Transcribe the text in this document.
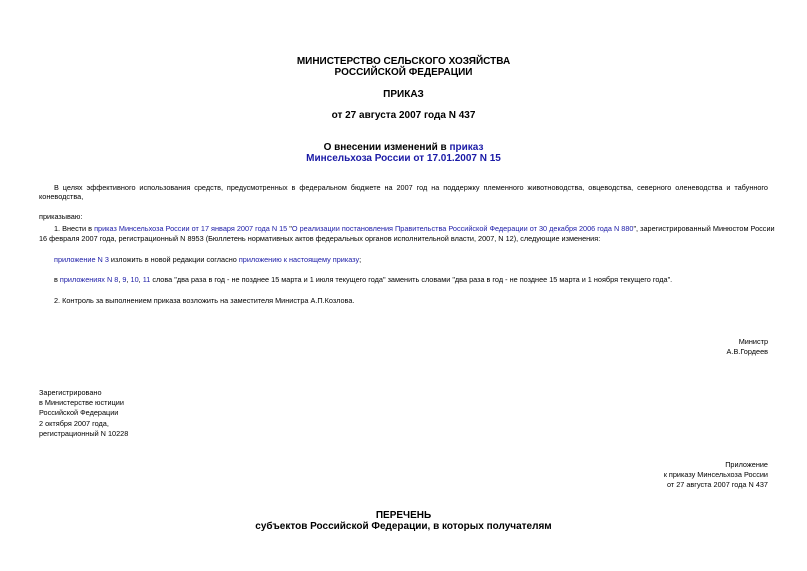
МИНИСТЕРСТВО СЕЛЬСКОГО ХОЗЯЙСТВА
РОССИЙСКОЙ ФЕДЕРАЦИИ
ПРИКАЗ
от 27 августа 2007 года N 437
О внесении изменений в приказ
Минсельхоза России от 17.01.2007 N 15
В целях эффективного использования средств, предусмотренных в федеральном бюджете на 2007 год на поддержку племенного животноводства, овцеводства, северного оленеводства и табунного коневодства,
приказываю:
1. Внести в приказ Минсельхоза России от 17 января 2007 года N 15 "О реализации постановления Правительства Российской Федерации от 30 декабря 2006 года N 880", зарегистрированный Минюстом России
16 февраля 2007 года, регистрационный N 8953 (Бюллетень нормативных актов федеральных органов исполнительной власти, 2007, N 12), следующие изменения:
приложение N 3 изложить в новой редакции согласно приложению к настоящему приказу;
в приложениях N 8, 9, 10, 11 слова "два раза в год - не позднее 15 марта и 1 июля текущего года" заменить словами "два раза в год - не позднее 15 марта и 1 ноября текущего года".
2. Контроль за выполнением приказа возложить на заместителя Министра А.П.Козлова.
Министр
А.В.Гордеев
Зарегистрировано
в Министерстве юстиции
Российской Федерации
2 октября 2007 года,
регистрационный N 10228
Приложение
к приказу Минсельхоза России
от 27 августа 2007 года N 437
ПЕРЕЧЕНЬ
субъектов Российской Федерации, в которых получателям
